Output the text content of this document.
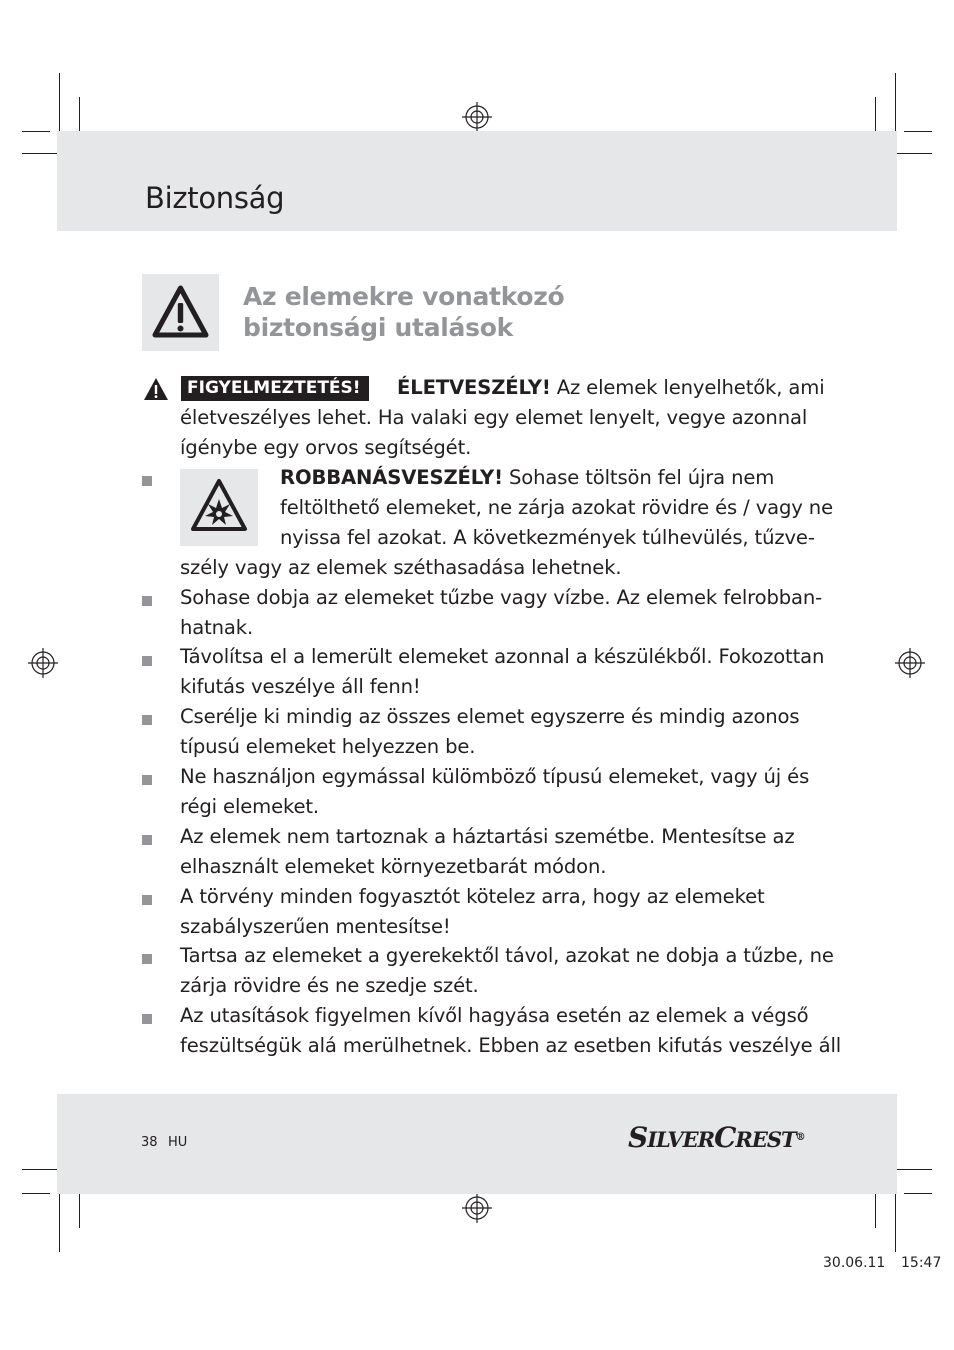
Biztonság
Az elemekre vonatkozó
biztonsági utalások
FIGYELMEZTETÉS!	ÉLETVESZÉLY! Az elemek lenyelhetők, ami
életveszélyes lehet. Ha valaki egy elemet lenyelt, vegye azonnal
ígénybe egy orvos segítségét.
ROBBANÁSVESZÉLY! Sohase töltsön fel újra nem
feltölthető elemeket, ne zárja azokat rövidre és / vagy ne
nyissa fel azokat. A következmények túlhevülés, tűzve-
szély vagy az elemek széthasadása lehetnek.
Sohase dobja az elemeket tűzbe vagy vízbe. Az elemek felrobban-
hatnak.
Távolítsa el a lemerült elemeket azonnal a készülékből. Fokozottan
kifutás veszélye áll fenn!
Cserélje ki mindig az összes elemet egyszerre és mindig azonos
típusú elemeket helyezzen be.
Ne használjon egymással külömböző típusú elemeket, vagy új és
régi elemeket.
Az elemek nem tartoznak a háztartási szemétbe. Mentesítse az
elhasznált elemeket környezetbarát módon.
A törvény minden fogyasztót kötelez arra, hogy az elemeket
szabályszerűen mentesítse!
Tartsa az elemeket a gyerekektől távol, azokat ne dobja a tűzbe, ne
zárja rövidre és ne szedje szét.
Az utasítások figyelmen kívől hagyása esetén az elemek a végső
feszültségük alá merülhetnek. Ebben az esetben kifutás veszélye áll
38 HU	SILVERCREST®
30.06.11 15:47
